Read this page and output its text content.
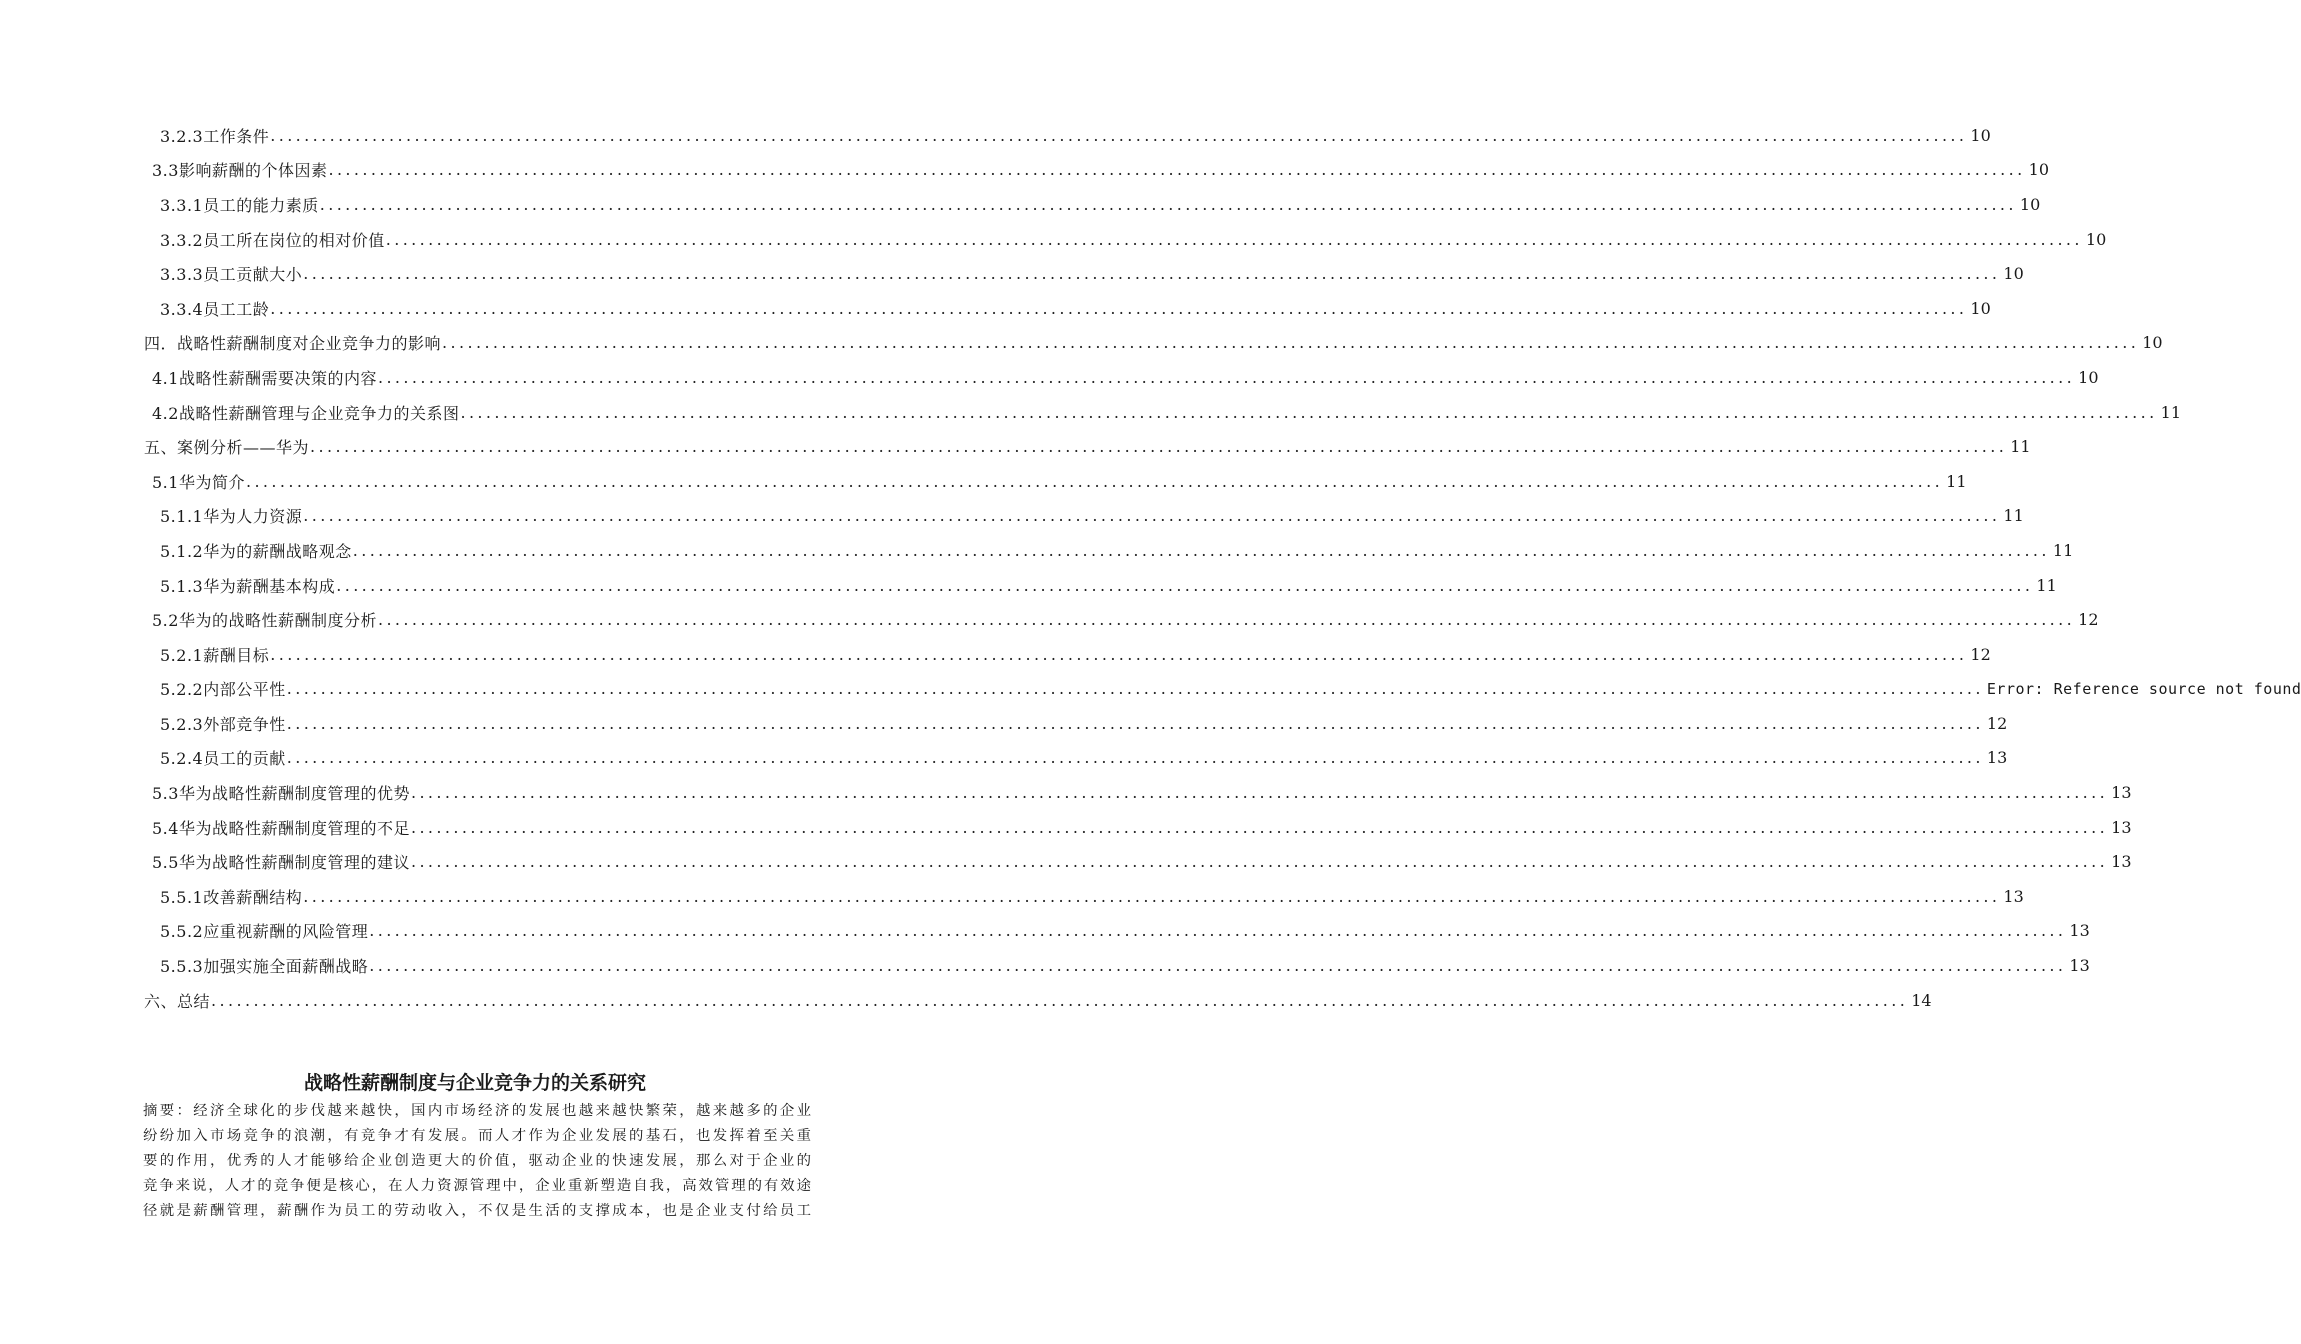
3.2.3工作条件 ........................................................................................................................................................................................................ 10
3.3影响薪酬的个体因素 ........................................................................................................................................................................................................ 10
3.3.1员工的能力素质 ........................................................................................................................................................................................................ 10
3.3.2员工所在岗位的相对价值 ........................................................................................................................................................................................................ 10
3.3.3员工贡献大小 ........................................................................................................................................................................................................ 10
3.3.4员工工龄 ........................................................................................................................................................................................................ 10
四．战略性薪酬制度对企业竞争力的影响 ........................................................................................................................................................................................................ 10
4.1战略性薪酬需要决策的内容 ........................................................................................................................................................................................................ 10
4.2战略性薪酬管理与企业竞争力的关系图 ........................................................................................................................................................................................................ 11
五、案例分析——华为 ........................................................................................................................................................................................................ 11
5.1华为简介 ........................................................................................................................................................................................................ 11
5.1.1华为人力资源 ........................................................................................................................................................................................................ 11
5.1.2华为的薪酬战略观念 ........................................................................................................................................................................................................ 11
5.1.3华为薪酬基本构成 ........................................................................................................................................................................................................ 11
5.2华为的战略性薪酬制度分析 ........................................................................................................................................................................................................ 12
5.2.1薪酬目标 ........................................................................................................................................................................................................ 12
5.2.2内部公平性 ........................................................................................................................................................................................................ Error: Reference source not found
5.2.3外部竞争性 ........................................................................................................................................................................................................ 12
5.2.4员工的贡献 ........................................................................................................................................................................................................ 13
5.3华为战略性薪酬制度管理的优势 ........................................................................................................................................................................................................ 13
5.4华为战略性薪酬制度管理的不足 ........................................................................................................................................................................................................ 13
5.5华为战略性薪酬制度管理的建议 ........................................................................................................................................................................................................ 13
5.5.1改善薪酬结构 ........................................................................................................................................................................................................ 13
5.5.2应重视薪酬的风险管理 ........................................................................................................................................................................................................ 13
5.5.3加强实施全面薪酬战略 ........................................................................................................................................................................................................ 13
六、总结 ........................................................................................................................................................................................................ 14
战略性薪酬制度与企业竞争力的关系研究
摘要：经济全球化的步伐越来越快，国内市场经济的发展也越来越快繁荣，越来越多的企业
纷纷加入市场竞争的浪潮，有竞争才有发展。而人才作为企业发展的基石，也发挥着至关重
要的作用，优秀的人才能够给企业创造更大的价值，驱动企业的快速发展，那么对于企业的
竞争来说，人才的竞争便是核心，在人力资源管理中，企业重新塑造自我，高效管理的有效途
径就是薪酬管理，薪酬作为员工的劳动收入，不仅是生活的支撑成本，也是企业支付给员工
